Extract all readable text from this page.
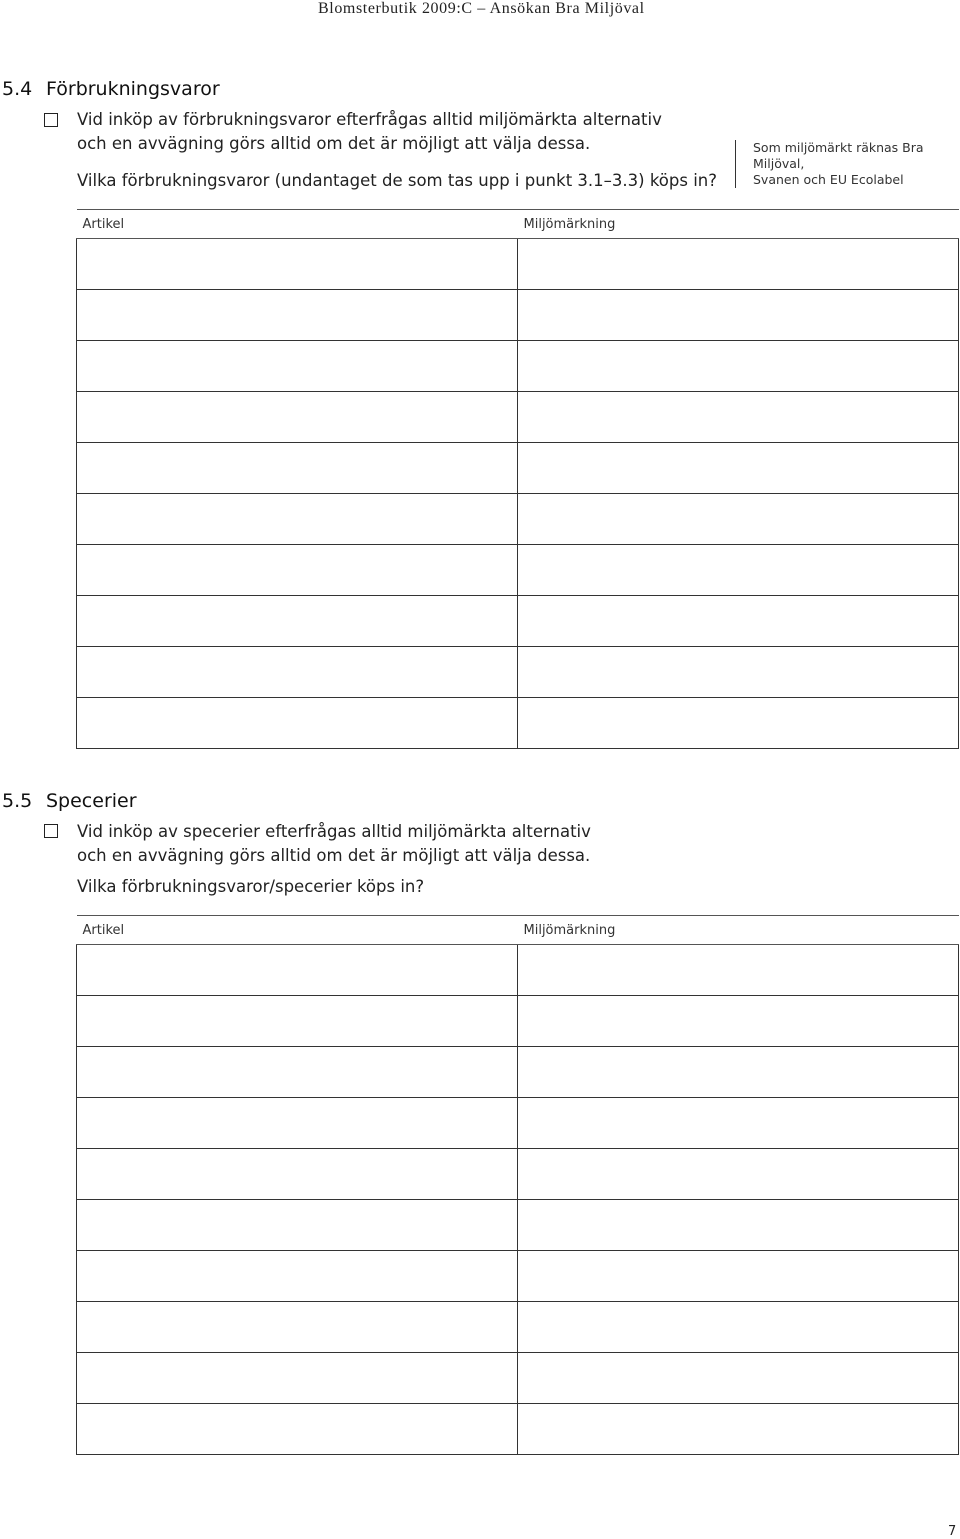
Blomsterbutik 2009:C – Ansökan Bra Miljöval
5.4 Förbrukningsvaror
Vid inköp av förbrukningsvaror efterfrågas alltid miljömärkta alternativ
och en avvägning görs alltid om det är möjligt att välja dessa.
Vilka förbrukningsvaror (undantaget de som tas upp i punkt 3.1–3.3) köps in?
Som miljömärkt räknas Bra Miljöval,
Svanen och EU Ecolabel
Artikel	Miljömärkning

5.5 Specerier
Vid inköp av specerier efterfrågas alltid miljömärkta alternativ
och en avvägning görs alltid om det är möjligt att välja dessa.
Vilka förbrukningsvaror/specerier köps in?
Artikel	Miljömärkning

7
